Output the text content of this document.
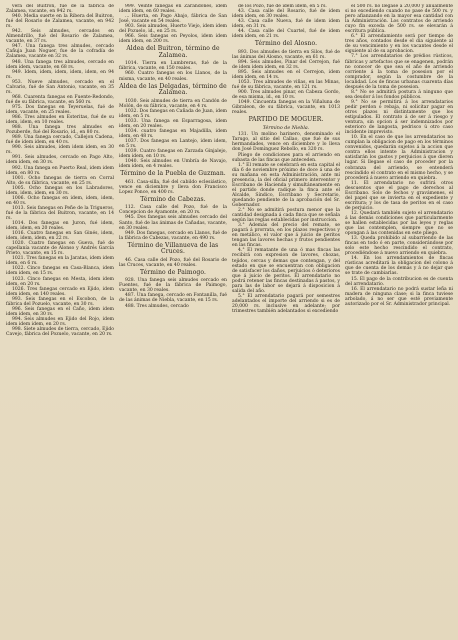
vera del Buitron, fué de la fábrica de Zalamea, vacante, en 942 rs.

940. Media suerte en la Ribera del Buitron, fué del Rosario de Zalamea, vacante, en 942 rs.

942. Seis almudes, cercados en Almendrillo, fué del Rosario de Zalamea, vacante, en 37 rs.

947. Una fanega tres almudes, cercado Cañuja Juan Noguer, fue de la cofradía de Zalamea, vacante en 32 rs.

948. Una fanega tres almudes, cercado en idem idem, vacante, en 68 rs.

949. Idem, idem, idem, idem, idem, en 94 rs.

953. Nueve almudes, cercado en el Calvario, fué de San Antonio, vacante, en 35 rs.

968. Cuarenta fanegas en Fuente-Redondo, fué de su fábrica, vacante, en 560 rs.

975. Dos fanegas en Teyeruelas, fué de idem, vacante, en 25 reales.

986. Tres almudes en Esteritas, fué de su idem, idem, en 10 reales.

988. Una fanega tres almudes en Pozuberde, fué del Rosario, id., en 80 rs.

989. Una fanega cercado, Callejon Cadena, fué de idem idem, en 40 rs.

990. Seis almudes, idem idem idem, en 30 rs.

991. Seis almudes, cercado en Pago Alto, idem idem, en 30 rs.

992. Una fanega en Puerto Real, idem idem idem, en 80 rs.

1001. Ocho fanegas de tierra en Corral Alto, de su fábrica, vacante, en 25 rs.

1005. Ocho fanegas en los Labradores, idem, idem, idem, en 30 rs.

1006. Ocho fanegas en idem, idem, idem, en 40 rs.

1013. Seis fanegas en Peñe de la Trigueros, fué de la fábrica del Buitron, vacante, en 14 rs.

1014. Dos fanegas en Juron, fué idem, idem, idem, en 20 reales.

1016. Cuatro fanegas en San Ginés, idem, idem, idem, idem, en 22 rs.

1020. Cuatro fanegas en Gueva, fué de capellanía vacante de Alonso y Andrés García Prieto, vacante, en 15 rs.

1021. Tres fanegas en la Jaratas, idem idem idem, en 6 rs.

1022. Cinco fanegas en Casa-Blanca, idem idem idem, en 15 rs.

1023. Cinco fanegas en Mesta, idem idem idem, en 20 rs.

1026. Tres fanegas cercado en Ejido, idem idem idem, en 140 reales.

993. Seis fanegas en el Escobon, de la fábrica del Pozuelo, vacante, en 30 rs.

996. Seis fanegas en el Caño, idem idem idem idem, en 30 rs.

994. Seis almudes en Ejido del Rojo, idem idem idem idem, en 20 rs.

998. Siete almudes de tierra, cercado, Ejido Cavejo, fábrica del Pozuelo, vacante, en 20 rs.

999. Veinte fanegas en Zarandones, idem idem idem, en 60 reales.

... Huerta, en Pago Abajo, fábrica de San José, vacante en 54 reales.

903. Seis almudes, Huerto Viejo, idem idem del Pozuelo, id., en 25 rs.

966. Seis fanegas en Peyolos, idem idem idem idem, en 200 rs.

Aldea del Buitron, término de Zalamea.

1014. Tierra en Lumbreras, fué de la fábrica, vacante, en 150 reales.

960. Cuatro fanegas en los Llanos, de la misma, vacante, en 40 reales.

Aldea de las Delgadas, término de Zalamea.

1030. Seis almudes de tierra en Candón de Molón, de su fábrica, vacante, en 4 rs.

1032. Dos fanegas en Cañada de Juan, idem idem, en 5 rs.

1033. Una fanega en Esparragosa, idem idem, en 20 reales.

1034. cuatro fanegas en Majadilla, idem idem, en 48 rs.

1037. Dos fanegas en Lantejo, idem idem, en 5 rs.

1039. Cuatro fanegas en Zarzada Ginjalejo, idem idem, en 10 rs.

1040. Seis almudes en Umbría de Navajo, idem idem, en 4 reales.

Término de la Puebla de Guzman.

461. Casa-silla, fué del cabildo eclesiástico, vence en diciembre y lleva don Francisco Lopez Ponce, en 400 rs.

Término de Cabezas.

112. Casa calle del Pozo, fué de la Concepcion de Ayamonte, en 20 rs.

945. Dos fanegas seis almudes cercado del Santo, fué de las ánimas de Cañadas, vacante, en 30 reales.

949. Dos fanegas, cercado en Llanos, fué de la fábrica de Cabezas, vacante, en 490 rs.

Término de Villanueva de las Cruces.

46. Casa calle del Pozo, fué del Rosario de las Cruces, vacante, en 40 reales.

Término de Paimogo.

928. Una fanega seis almudes cercado en Fuentes, fué de la fábrica de Paimogo, vacante, en 30 reales.

487. Una fanega, cercado en Fontanilla, fué de las ánimas de Niebla, vacante, en 15 rs.

488. Tres almudes, cercado

de los Pozo, fué de idem idem, en 5 rs.

43. Casa calle del Rosario, fué de idem idem idem, en 30 reales.

43. Casa calle Nueva, fué de idem idem idem, en 31 rs.

44. Casa calle del Cuartel, fué de idem idem idem, en 21 rs.

Término del Alosno.

893. Dos almudes de tierra en Silos, fué de las ánimas del Alosno, vacante, en 61 rs.

894. Seis almudes, Pinar del Cerrejon, fué de idem idem idem, en 32 rs.

895. Seis almudes en el Cerrejon, idem idem idem, en 14 rs.

1053. Tres almudes de viñas, en las Minas, fué de su fábrica, vacante, en 121 rs.

900. Tres almudes pinar, en Cabeza Gordo, de esa misma, id., en 10 rs.

1049. Cincuenta fanegas en la Viñaluna de Gibraleon, de su fábrica, vacante, en 1013 reales.

PARTIDO DE MOGUER.
Término de Niebla.

131. Un molino harinero, denominado el Tarugo, al sitio del Callao, que fué de sus hermandades, vence en diciembre y lo lleva don José Domínguez Rebollo, en 320 rs.

Pliego de condiciones para el arriendo en subasta de las fincas que anteceden.

1.° El remate se celebrará en esta capital el día 6 de noviembre próximo de doce á una de su mañana en esta Administración, ante mí presencia, la del oficial primero interventor y Escribano de Hacienda y simultáneamente en el partido donde radique la finca ante el Alcalde, Síndico, Escribano y Secretario, quedando pendiente de la aprobación del Sr. Gobernador.

2.° No se admitirá postura menor que la cantidad designada á cada finca que se señala según las reglas establecidas por instruccion.

3.° Además del precio del remate, se pagará á prorrata, en los plazos respectivos y en metálico, el valor que á juicio de peritos tengan las lavores hechas y frutos pendientes en las fincas.

4.° El rematante de una ó mas fincas las recibirá con expresion de lavores, chozas, tejidos, cercas y demas que contengan, y del estado en que se encuentran con obligacion de satisfacer los daños, perjuicios ó deterioros que á juicio de peritos. El arrendatario no podrá retener las fincas destinadas á pastos, y para las de labor se dejará á disposicion á salida del año.

5.° El arrendatario pagará por semestres adelantados el importe del arriendo si es de 20,000 rs. inclusive en adelante; por trimestres también adelantados si excediendo

el 500 rs. no llegase á 20,000 y anualmente si no excediendo cuando no pase de 500 rs. y pero afianzando en la mayor esa cantidad con la Administración. Los contratos de arriendo cuyo fin exceda de 500 rs. se elevarán á escritura pública.

6.° El arrendamiento será por tiempo de tres años, contados desde el dia siguiente al de su vencimiento y en los vacantes desde el siguiente al de su aprobacion.

7.° Los arrendatarios de prédios rústicos, fábricas y artefactos que se enagenen, podrán no conocer de que sea el año de arriendo corriente á la toma de posesion por el comprador, según la costumbre de la localidad. Los de fincas urbanas cuarenta días después de la toma de posesion.

8.° No se admitirá postura á ninguno que sea deudor á los fondos públicos.

9.° No se permitirá á los arrendatarios pedir perdon ó rebaja, ni solicitar pagar en otros plazos ni distintamente que los estipulados. El contrato á de ser á riesgo y ventura, sin opcion á ser indemnizados por esterioro de langosta, pedrisco ú otro caso incidente imprevisto.

10. En el caso de que los arrendatarios no cumplan la obligacion de pago en los términos convenidos, quedarán sujetos á la accion que contra ellos intente la Administracion y satisfarán los gastos y perjuicios á que dieren lugar. Si llegase el caso de proceder por la cobranza del arriendo, se entenderá rescindido el contrato en el mismo hecho, y se procederá á nuevo arriendo en quiebra.

11. El arrendatario no sufrirá otros descuentos que el pago de derechos al Escribano. Solo de fechos y gravámenes, el del papel que se invierta en el expediente y escritura; y los de tasa de peritos en el caso de perjuicio.

12. Quedará también sujeto el arrendatario á las demás condiciones que particularmente se hallen establecidas por las leyes y reglas que las contemplen, siempre que no se opongan á las contenidas en este pliego.

13. Queda prohibido al subarriendo de las fincas en todo ó en parte, considerándose por solo este hecho rescindido el contrato, procediéndose á nuevo arriendo en quiebra.

14. En los arrendamientos de fincas rústicas acreditará la obligacion del colono á que de cuenta de los demás y á no dejar que se trate de cambiarlas.

15. El pago de la contribucion es de cuenta del arrendatario.

16. El arrendatario no podrá sustar leña ni madera de ninguna clase; si la finca tuviese arbolado, á no ser que esté previamente autorizado por el Sr. Administrador principal.
